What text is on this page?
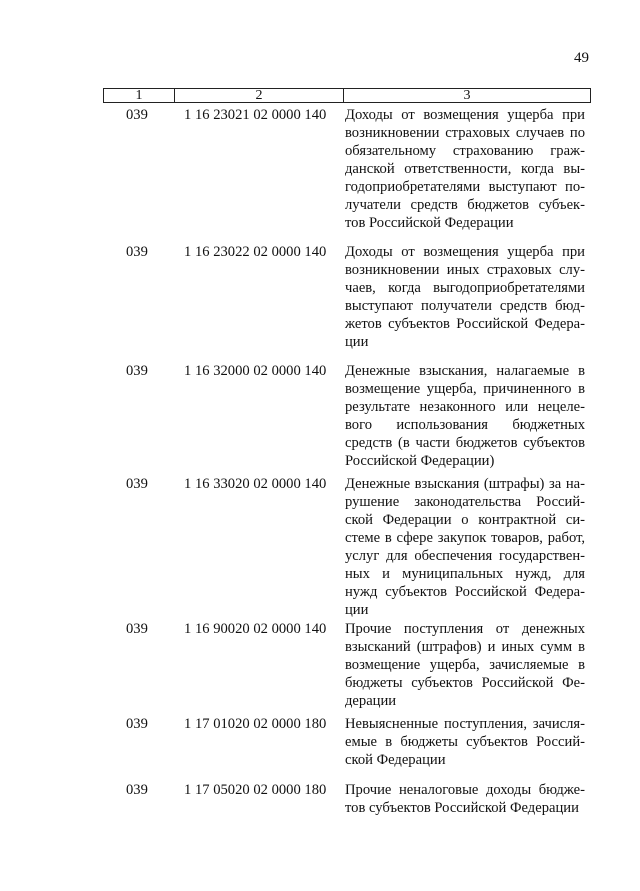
49
1	2	3
039 1 16 23021 02 0000 140 Доходы от возмещения ущерба при
возникновении страховых случаев по
обязательному страхованию граж-
данской ответственности, когда вы-
годоприобретателями выступают по-
лучатели средств бюджетов субъек-
тов Российской Федерации
039 1 16 23022 02 0000 140 Доходы от возмещения ущерба при
возникновении иных страховых слу-
чаев, когда выгодоприобретателями
выступают получатели средств бюд-
жетов субъектов Российской Федера-
ции
039 1 16 32000 02 0000 140 Денежные взыскания, налагаемые в
возмещение ущерба, причиненного в
результате незаконного или нецеле-
вого использования бюджетных
средств (в части бюджетов субъектов
Российской Федерации)
039 1 16 33020 02 0000 140 Денежные взыскания (штрафы) за на-
рушение законодательства Россий-
ской Федерации о контрактной си-
стеме в сфере закупок товаров, работ,
услуг для обеспечения государствен-
ных и муниципальных нужд, для
нужд субъектов Российской Федера-
ции
039 1 16 90020 02 0000 140 Прочие поступления от денежных
взысканий (штрафов) и иных сумм в
возмещение ущерба, зачисляемые в
бюджеты субъектов Российской Фе-
дерации
039 1 17 01020 02 0000 180 Невыясненные поступления, зачисля-
емые в бюджеты субъектов Россий-
ской Федерации
039 1 17 05020 02 0000 180 Прочие неналоговые доходы бюдже-
тов субъектов Российской Федерации
